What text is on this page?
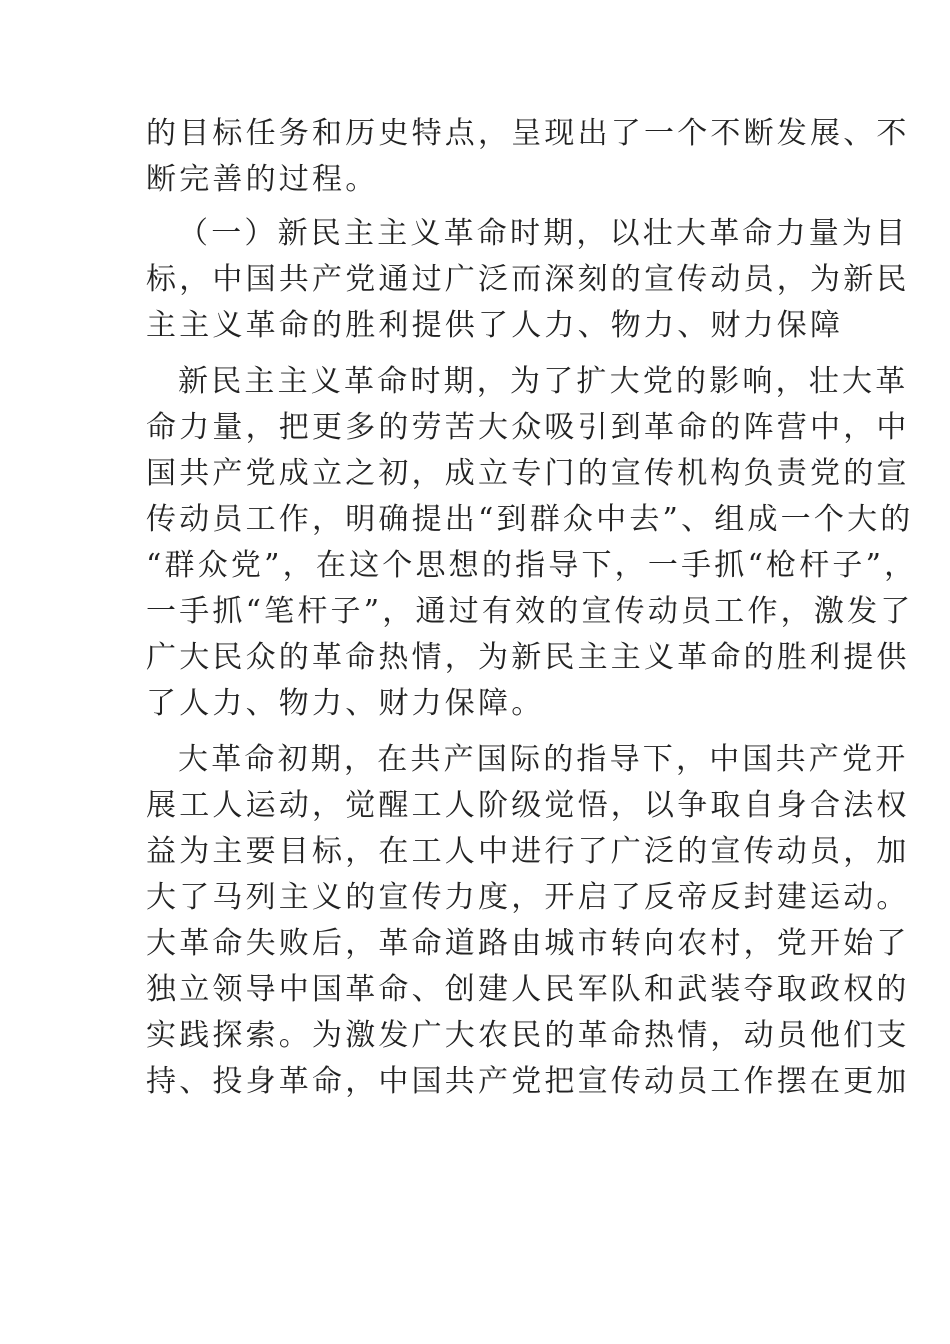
的目标任务和历史特点，呈现出了一个不断发展、不
断完善的过程。
（一）新民主主义革命时期，以壮大革命力量为目
标，中国共产党通过广泛而深刻的宣传动员，为新民
主主义革命的胜利提供了人力、物力、财力保障
新民主主义革命时期，为了扩大党的影响，壮大革
命力量，把更多的劳苦大众吸引到革命的阵营中，中
国共产党成立之初，成立专门的宣传机构负责党的宣
传动员工作，明确提出“到群众中去”、组成一个大的
“群众党”，在这个思想的指导下，一手抓“枪杆子”，
一手抓“笔杆子”，通过有效的宣传动员工作，激发了
广大民众的革命热情，为新民主主义革命的胜利提供
了人力、物力、财力保障。
大革命初期，在共产国际的指导下，中国共产党开
展工人运动，觉醒工人阶级觉悟，以争取自身合法权
益为主要目标，在工人中进行了广泛的宣传动员，加
大了马列主义的宣传力度，开启了反帝反封建运动。
大革命失败后，革命道路由城市转向农村，党开始了
独立领导中国革命、创建人民军队和武装夺取政权的
实践探索。为激发广大农民的革命热情，动员他们支
持、投身革命，中国共产党把宣传动员工作摆在更加
